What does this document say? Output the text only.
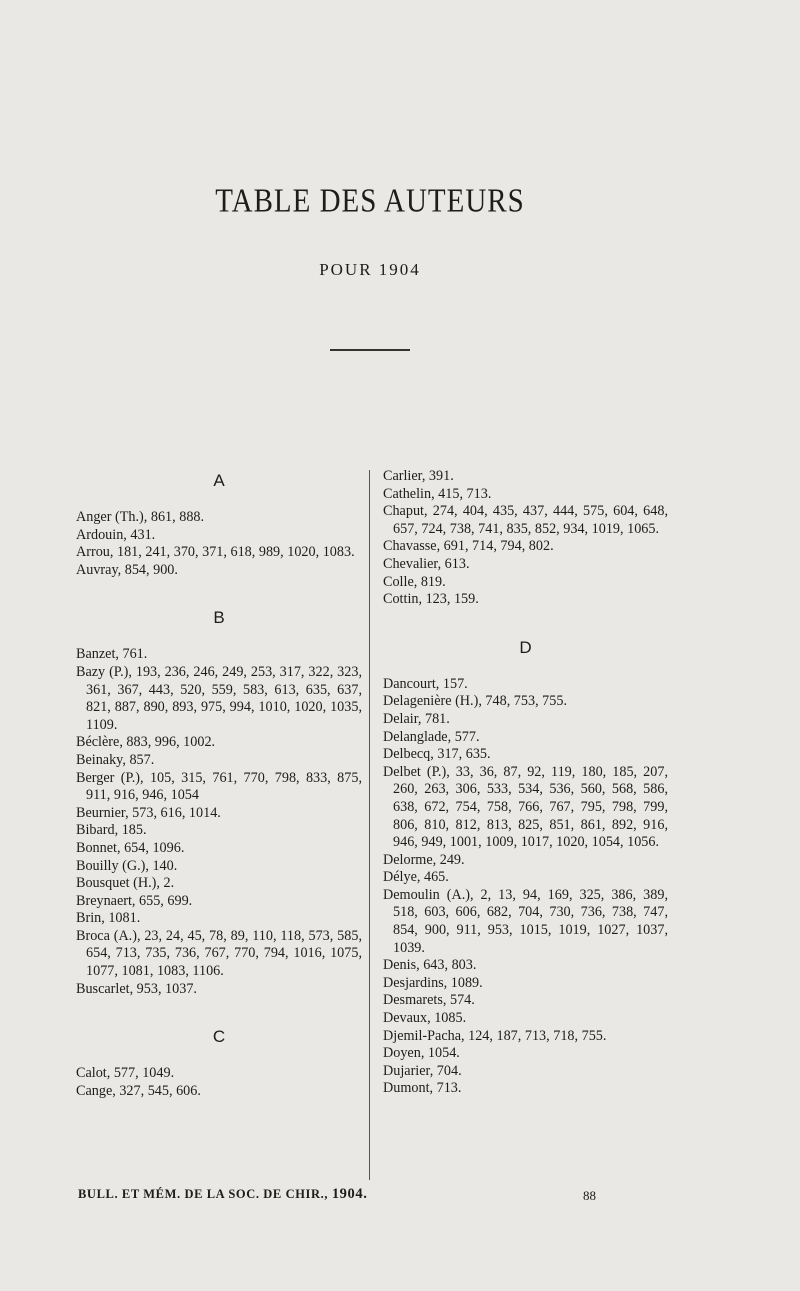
TABLE DES AUTEURS
POUR 1904
A
Anger (Th.), 861, 888.
Ardouin, 431.
Arrou, 181, 241, 370, 371, 618, 989, 1020, 1083.
Auvray, 854, 900.
B
Banzet, 761.
Bazy (P.), 193, 236, 246, 249, 253, 317, 322, 323, 361, 367, 443, 520, 559, 583, 613, 635, 637, 821, 887, 890, 893, 975, 994, 1010, 1020, 1035, 1109.
Béclère, 883, 996, 1002.
Beinaky, 857.
Berger (P.), 105, 315, 761, 770, 798, 833, 875, 911, 916, 946, 1054
Beurnier, 573, 616, 1014.
Bibard, 185.
Bonnet, 654, 1096.
Bouilly (G.), 140.
Bousquet (H.), 2.
Breynaert, 655, 699.
Brin, 1081.
Broca (A.), 23, 24, 45, 78, 89, 110, 118, 573, 585, 654, 713, 735, 736, 767, 770, 794, 1016, 1075, 1077, 1081, 1083, 1106.
Buscarlet, 953, 1037.
C
Calot, 577, 1049.
Cange, 327, 545, 606.
Carlier, 391.
Cathelin, 415, 713.
Chaput, 274, 404, 435, 437, 444, 575, 604, 648, 657, 724, 738, 741, 835, 852, 934, 1019, 1065.
Chavasse, 691, 714, 794, 802.
Chevalier, 613.
Colle, 819.
Cottin, 123, 159.
D
Dancourt, 157.
Delagenière (H.), 748, 753, 755.
Delair, 781.
Delanglade, 577.
Delbecq, 317, 635.
Delbet (P.), 33, 36, 87, 92, 119, 180, 185, 207, 260, 263, 306, 533, 534, 536, 560, 568, 586, 638, 672, 754, 758, 766, 767, 795, 798, 799, 806, 810, 812, 813, 825, 851, 861, 892, 916, 946, 949, 1001, 1009, 1017, 1020, 1054, 1056.
Delorme, 249.
Délye, 465.
Demoulin (A.), 2, 13, 94, 169, 325, 386, 389, 518, 603, 606, 682, 704, 730, 736, 738, 747, 854, 900, 911, 953, 1015, 1019, 1027, 1037, 1039.
Denis, 643, 803.
Desjardins, 1089.
Desmarets, 574.
Devaux, 1085.
Djemil-Pacha, 124, 187, 713, 718, 755.
Doyen, 1054.
Dujarier, 704.
Dumont, 713.
BULL. ET MÉM. DE LA SOC. DE CHIR., 1904.	88
